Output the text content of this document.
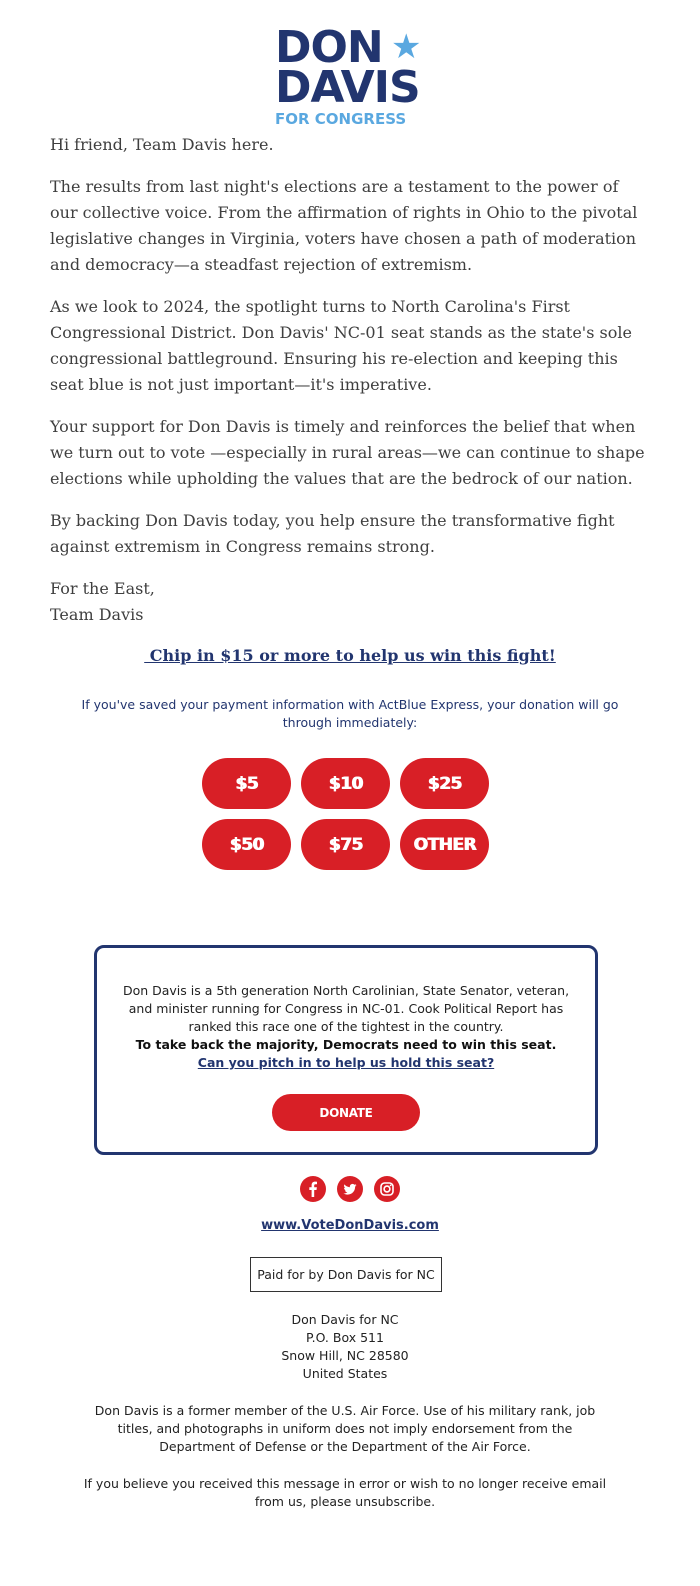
DON ★
DAVIS
FOR CONGRESS

Hi friend, Team Davis here.

The results from last night's elections are a testament to the power of our collective voice. From the affirmation of rights in Ohio to the pivotal legislative changes in Virginia, voters have chosen a path of moderation and democracy—a steadfast rejection of extremism.

As we look to 2024, the spotlight turns to North Carolina's First Congressional District. Don Davis' NC-01 seat stands as the state's sole congressional battleground. Ensuring his re-election and keeping this seat blue is not just important—it's imperative.

Your support for Don Davis is timely and reinforces the belief that when we turn out to vote —especially in rural areas—we can continue to shape elections while upholding the values that are the bedrock of our nation.

By backing Don Davis today, you help ensure the transformative fight against extremism in Congress remains strong.

For the East,
Team Davis

Chip in $15 or more to help us win this fight!
If you've saved your payment information with ActBlue Express, your donation will go through immediately:
$5	$10	$25
$50	$75	OTHER
Don Davis is a 5th generation North Carolinian, State Senator, veteran, and minister running for Congress in NC-01. Cook Political Report has ranked this race one of the tightest in the country.
To take back the majority, Democrats need to win this seat.
Can you pitch in to help us hold this seat?
DONATE

www.VoteDonDavis.com
Paid for by Don Davis for NC
Don Davis for NC
P.O. Box 511
Snow Hill, NC 28580
United States
Don Davis is a former member of the U.S. Air Force. Use of his military rank, job titles, and photographs in uniform does not imply endorsement from the Department of Defense or the Department of the Air Force.
If you believe you received this message in error or wish to no longer receive email from us, please unsubscribe.
